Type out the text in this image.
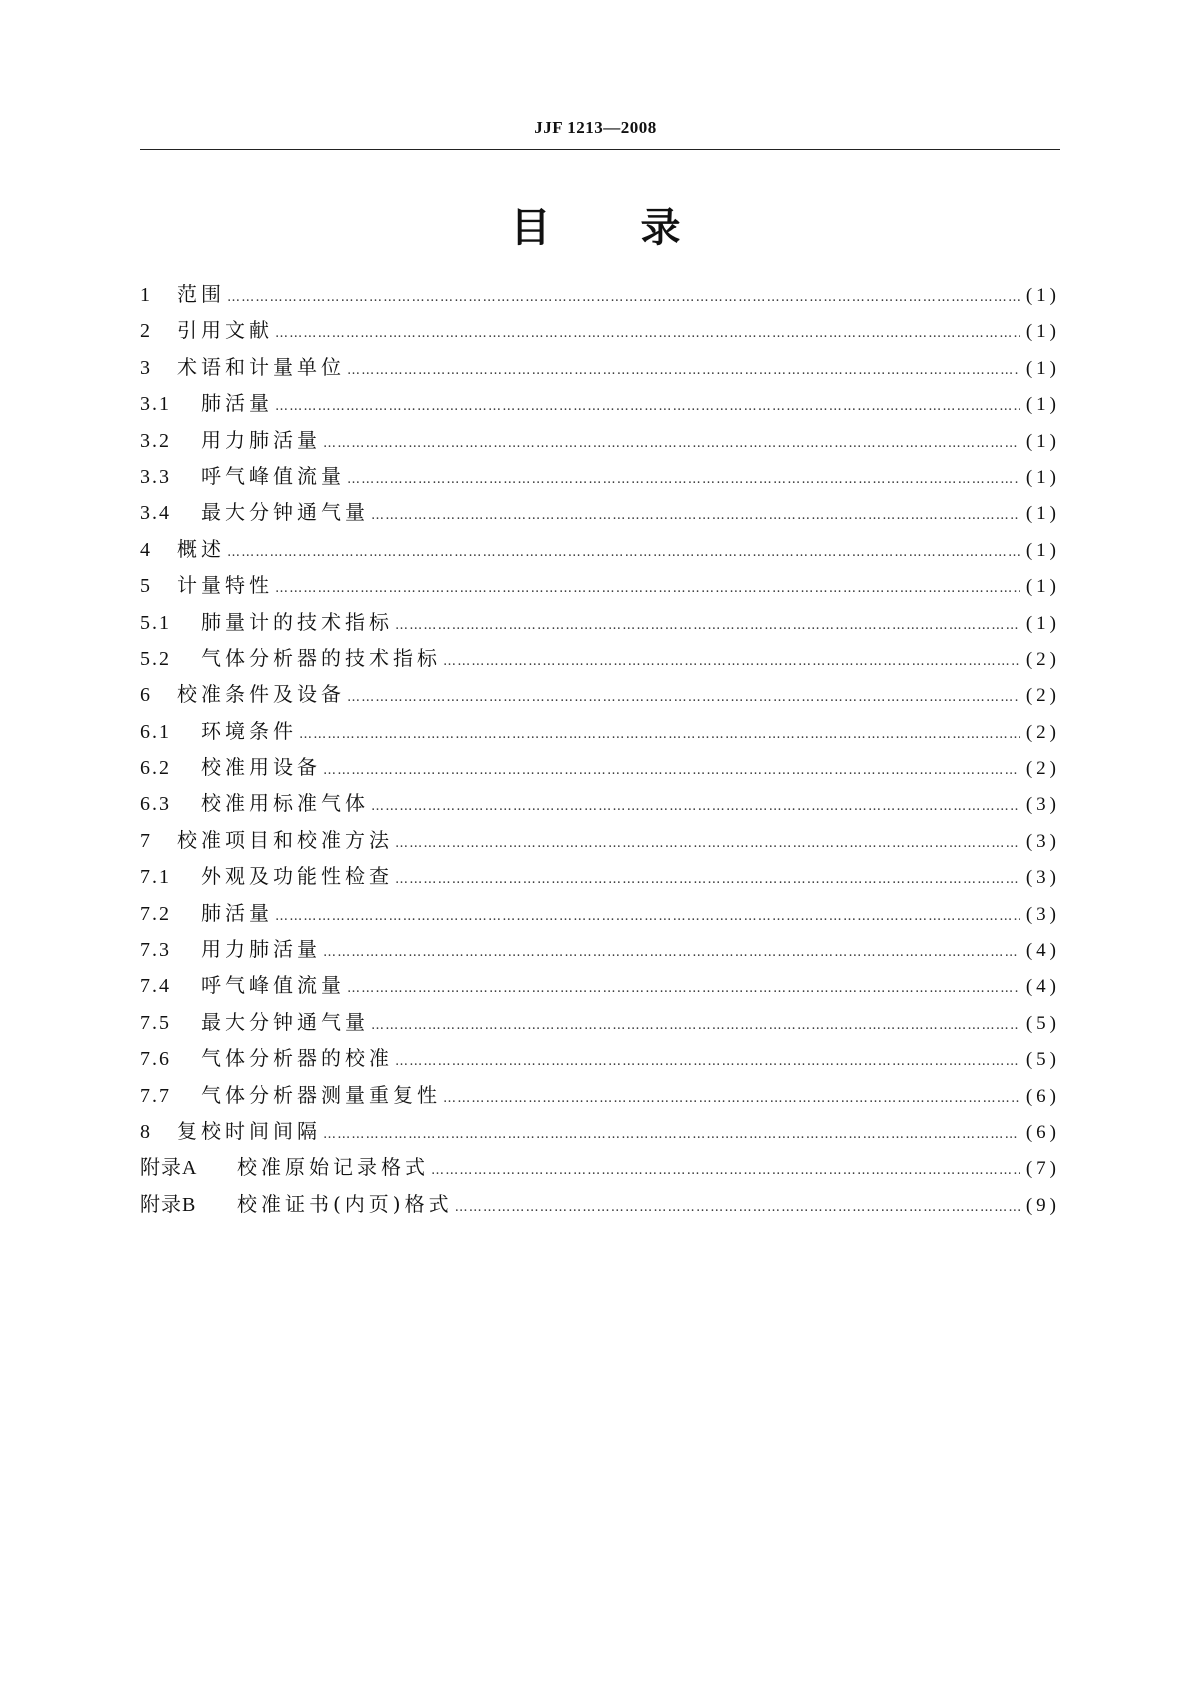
JJF 1213—2008
目 录
1	范围 ……………………………………………………………………………………………………………………………………………………………………	(1)
2	引用文献 ……………………………………………………………………………………………………………………………………………………………………	(1)
3	术语和计量单位 ……………………………………………………………………………………………………………………………………………………………………	(1)
3.1	肺活量 ……………………………………………………………………………………………………………………………………………………………………	(1)
3.2	用力肺活量 ……………………………………………………………………………………………………………………………………………………………………	(1)
3.3	呼气峰值流量 ……………………………………………………………………………………………………………………………………………………………………	(1)
3.4	最大分钟通气量 ……………………………………………………………………………………………………………………………………………………………………	(1)
4	概述 ……………………………………………………………………………………………………………………………………………………………………	(1)
5	计量特性 ……………………………………………………………………………………………………………………………………………………………………	(1)
5.1	肺量计的技术指标 ……………………………………………………………………………………………………………………………………………………………………	(1)
5.2	气体分析器的技术指标 ……………………………………………………………………………………………………………………………………………………………………	(2)
6	校准条件及设备 ……………………………………………………………………………………………………………………………………………………………………	(2)
6.1	环境条件 ……………………………………………………………………………………………………………………………………………………………………	(2)
6.2	校准用设备 ……………………………………………………………………………………………………………………………………………………………………	(2)
6.3	校准用标准气体 ……………………………………………………………………………………………………………………………………………………………………	(3)
7	校准项目和校准方法 ……………………………………………………………………………………………………………………………………………………………………	(3)
7.1	外观及功能性检查 ……………………………………………………………………………………………………………………………………………………………………	(3)
7.2	肺活量 ……………………………………………………………………………………………………………………………………………………………………	(3)
7.3	用力肺活量 ……………………………………………………………………………………………………………………………………………………………………	(4)
7.4	呼气峰值流量 ……………………………………………………………………………………………………………………………………………………………………	(4)
7.5	最大分钟通气量 ……………………………………………………………………………………………………………………………………………………………………	(5)
7.6	气体分析器的校准 ……………………………………………………………………………………………………………………………………………………………………	(5)
7.7	气体分析器测量重复性 ……………………………………………………………………………………………………………………………………………………………………	(6)
8	复校时间间隔 ……………………………………………………………………………………………………………………………………………………………………	(6)
附录A	校准原始记录格式 ……………………………………………………………………………………………………………………………………………………………………	(7)
附录B	校准证书(内页)格式 ……………………………………………………………………………………………………………………………………………………………………	(9)
